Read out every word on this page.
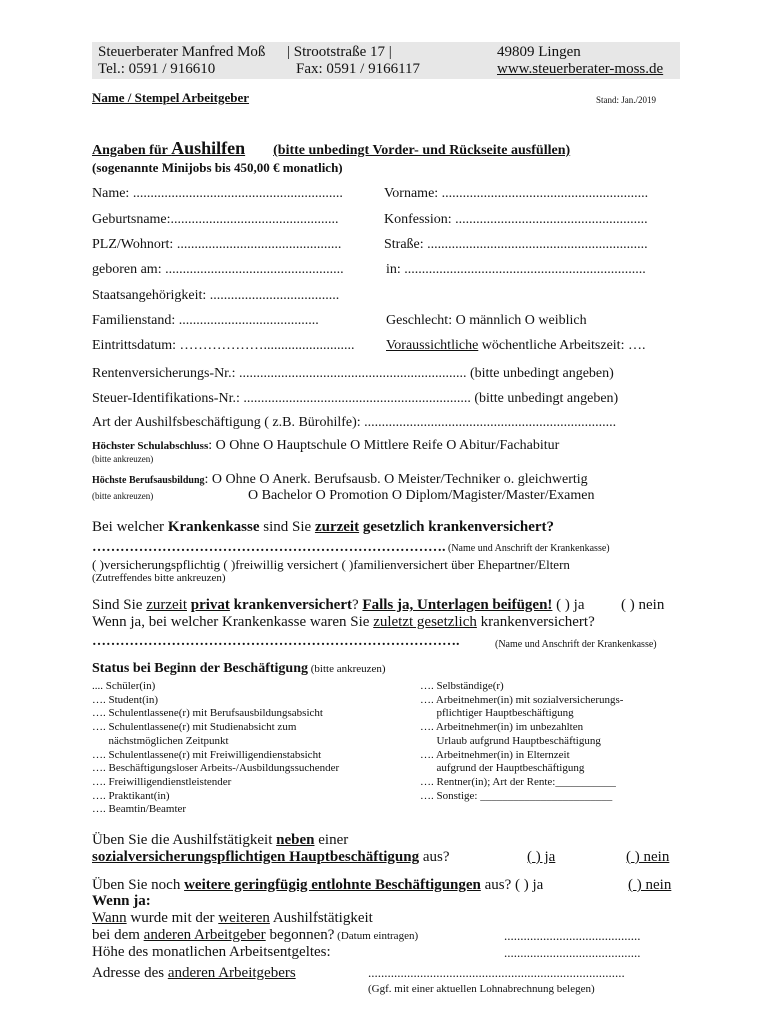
Steuerberater Manfred Moß | Strootstraße 17 |	49809 Lingen
Tel.: 0591 / 916610	Fax: 0591 / 9166117	www.steuerberater-moss.de
Name / Stempel Arbeitgeber	Stand: Jan./2019
Angaben für Aushilfen (bitte unbedingt Vorder- und Rückseite ausfüllen)
(sogenannte Minijobs bis 450,00 € monatlich)
Name: ............................................................	Vorname: ...........................................................
Geburtsname:................................................	Konfession: .......................................................
PLZ/Wohnort: ...............................................	Straße: ...............................................................
geboren am: ...................................................	in: .....................................................................
Staatsangehörigkeit: .....................................
Familienstand: ........................................	Geschlecht: O männlich O weiblich
Eintrittsdatum: ……………….......................... Voraussichtliche wöchentliche Arbeitszeit: ….
Rentenversicherungs-Nr.: ................................................................. (bitte unbedingt angeben)
Steuer-Identifikations-Nr.: ................................................................. (bitte unbedingt angeben)
Art der Aushilfsbeschäftigung ( z.B. Bürohilfe): ........................................................................
Höchster Schulabschluss: O Ohne O Hauptschule O Mittlere Reife O Abitur/Fachabitur
(bitte ankreuzen)
Höchste Berufsausbildung: O Ohne O Anerk. Berufsausb. O Meister/Techniker o. gleichwertig
(bitte ankreuzen)	O Bachelor O Promotion O Diplom/Magister/Master/Examen
Bei welcher Krankenkasse sind Sie zurzeit gesetzlich krankenversichert?
…………………………………………………………………. (Name und Anschrift der Krankenkasse)
( )versicherungspflichtig ( )freiwillig versichert ( )familienversichert über Ehepartner/Eltern
(Zutreffendes bitte ankreuzen)
Sind Sie zurzeit privat krankenversichert? Falls ja, Unterlagen beifügen! ( ) ja ( ) nein
Wenn ja, bei welcher Krankenkasse waren Sie zuletzt gesetzlich krankenversichert?
…………………………………………………………………….	(Name und Anschrift der Krankenkasse)
Status bei Beginn der Beschäftigung (bitte ankreuzen)
.... Schüler(in)
…. Student(in)
…. Schulentlassene(r) mit Berufsausbildungsabsicht
…. Schulentlassene(r) mit Studienabsicht zum
nächstmöglichen Zeitpunkt
…. Schulentlassene(r) mit Freiwilligendienstabsicht
…. Beschäftigungsloser Arbeits-/Ausbildungssuchender
…. Freiwilligendienstleistender
…. Praktikant(in)
…. Beamtin/Beamter
…. Selbständige(r)
…. Arbeitnehmer(in) mit sozialversicherungs-
pflichtiger Hauptbeschäftigung
…. Arbeitnehmer(in) im unbezahlten
Urlaub aufgrund Hauptbeschäftigung
…. Arbeitnehmer(in) in Elternzeit
aufgrund der Hauptbeschäftigung
…. Rentner(in); Art der Rente:___________
…. Sonstige: ________________________
Üben Sie die Aushilfstätigkeit neben einer
sozialversicherungspflichtigen Hauptbeschäftigung aus?	( ) ja	( ) nein
Üben Sie noch weitere geringfügig entlohnte Beschäftigungen aus? ( ) ja	( ) nein
Wenn ja:
Wann wurde mit der weiteren Aushilfstätigkeit
bei dem anderen Arbeitgeber begonnen? (Datum eintragen)	..........................................
Höhe des monatlichen Arbeitsentgeltes:	..........................................
Adresse des anderen Arbeitgebers	...............................................................................
(Ggf. mit einer aktuellen Lohnabrechnung belegen)
